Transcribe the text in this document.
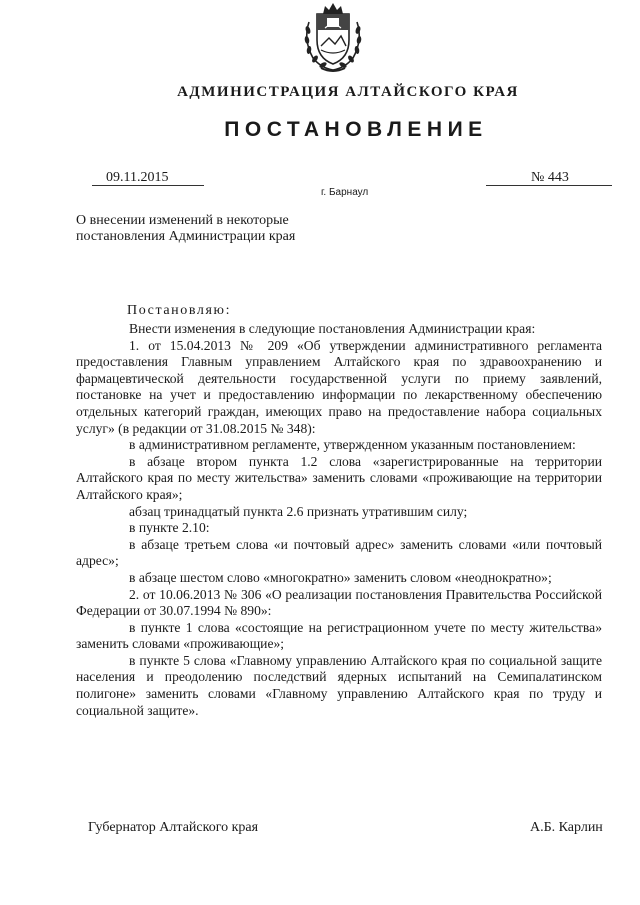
АДМИНИСТРАЦИЯ АЛТАЙСКОГО КРАЯ
ПОСТАНОВЛЕНИЕ
09.11.2015	№ 443
г. Барнаул
О внесении изменений в некоторые постановления Администрации края
Постановляю:

Внести изменения в следующие постановления Администрации края:

1. от 15.04.2013 № 209 «Об утверждении административного регламента предоставления Главным управлением Алтайского края по здравоохранению и фармацевтической деятельности государственной услуги по приему заявлений, постановке на учет и предоставлению информации по лекарственному обеспечению отдельных категорий граждан, имеющих право на предоставление набора социальных услуг» (в редакции от 31.08.2015 № 348):

в административном регламенте, утвержденном указанным постановлением:

в абзаце втором пункта 1.2 слова «зарегистрированные на территории Алтайского края по месту жительства» заменить словами «проживающие на территории Алтайского края»;

абзац тринадцатый пункта 2.6 признать утратившим силу;

в пункте 2.10:

в абзаце третьем слова «и почтовый адрес» заменить словами «или почтовый адрес»;

в абзаце шестом слово «многократно» заменить словом «неоднократно»;

2. от 10.06.2013 № 306 «О реализации постановления Правительства Российской Федерации от 30.07.1994 № 890»:

в пункте 1 слова «состоящие на регистрационном учете по месту жительства» заменить словами «проживающие»;

в пункте 5 слова «Главному управлению Алтайского края по социальной защите населения и преодолению последствий ядерных испытаний на Семипалатинском полигоне» заменить словами «Главному управлению Алтайского края по труду и социальной защите».

Губернатор Алтайского края	А.Б. Карлин
